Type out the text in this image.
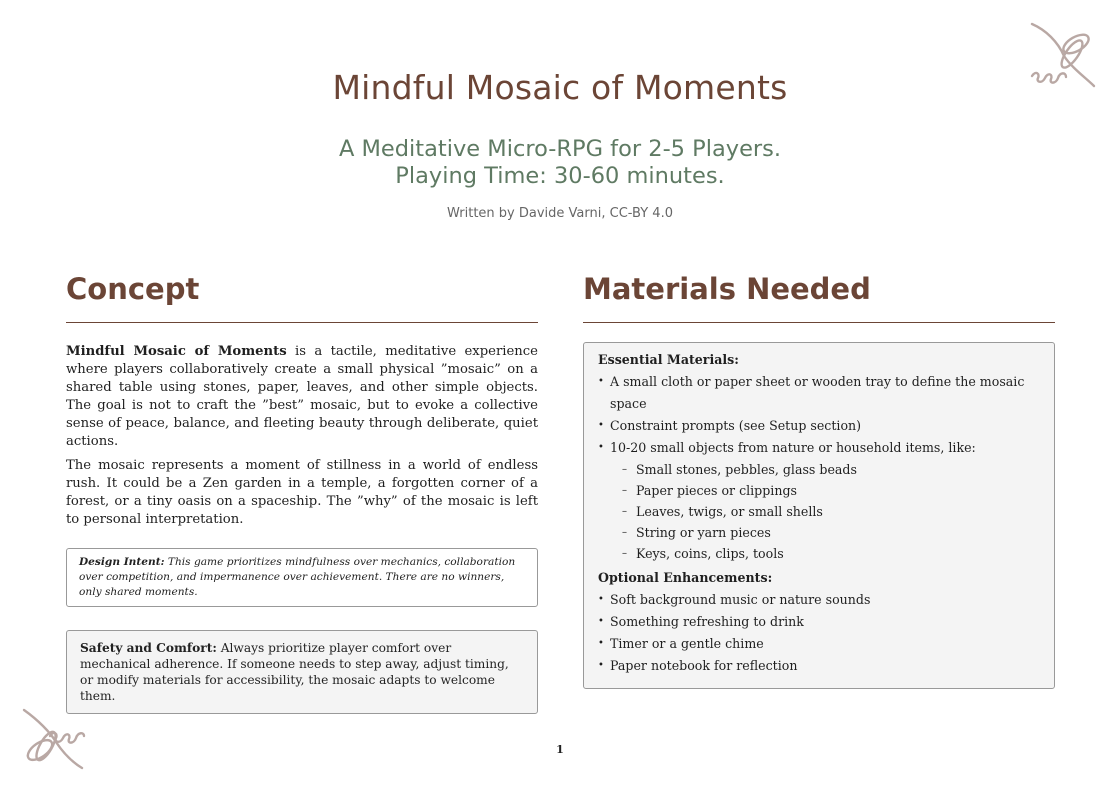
Mindful Mosaic of Moments
A Meditative Micro-RPG for 2-5 Players.
Playing Time: 30-60 minutes.
Written by Davide Varni, CC-BY 4.0
Concept

Mindful Mosaic of Moments is a tactile, meditative experience where players collaboratively create a small physical ”mosaic” on a shared table using stones, paper, leaves, and other simple objects. The goal is not to craft the ”best” mosaic, but to evoke a collective sense of peace, balance, and fleeting beauty through deliberate, quiet actions.

The mosaic represents a moment of stillness in a world of endless rush. It could be a Zen garden in a temple, a forgotten corner of a forest, or a tiny oasis on a spaceship. The ”why” of the mosaic is left to personal interpretation.

Design Intent: This game prioritizes mindfulness over mechanics, collaboration over competition, and impermanence over achievement. There are no winners, only shared moments.
Safety and Comfort: Always prioritize player comfort over mechanical adherence. If someone needs to step away, adjust timing, or modify materials for accessibility, the mosaic adapts to welcome them.
Materials Needed
Essential Materials:
• A small cloth or paper sheet or wooden tray to define the mosaic space
• Constraint prompts (see Setup section)
• 10-20 small objects from nature or household items, like:
– Small stones, pebbles, glass beads
– Paper pieces or clippings
– Leaves, twigs, or small shells
– String or yarn pieces
– Keys, coins, clips, tools
Optional Enhancements:
• Soft background music or nature sounds
• Something refreshing to drink
• Timer or a gentle chime
• Paper notebook for reflection
1
